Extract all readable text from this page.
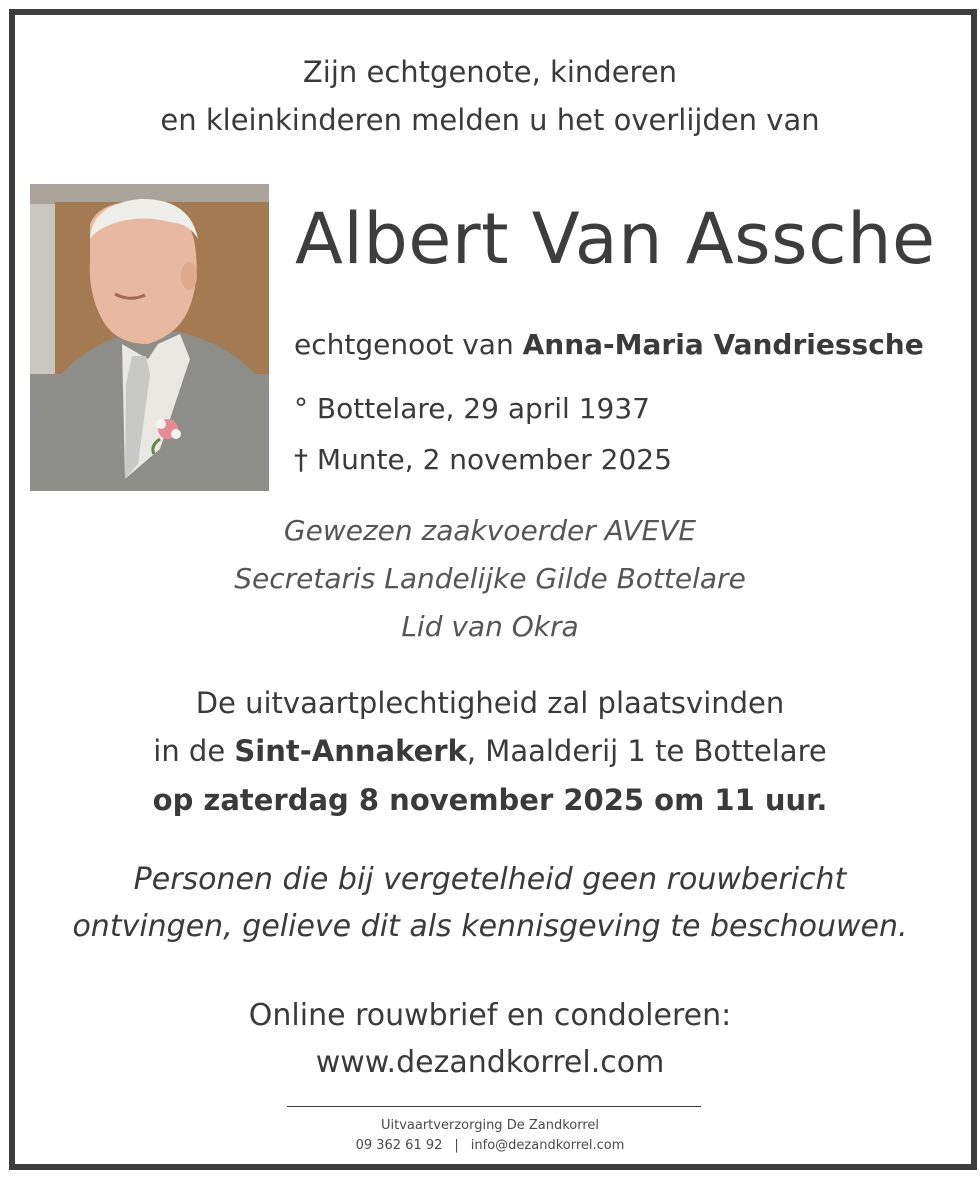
Zijn echtgenote, kinderen
en kleinkinderen melden u het overlijden van
Albert Van Assche
echtgenoot van Anna-Maria Vandriessche
° Bottelare, 29 april 1937
† Munte, 2 november 2025
Gewezen zaakvoerder AVEVE
Secretaris Landelijke Gilde Bottelare
Lid van Okra
De uitvaartplechtigheid zal plaatsvinden
in de Sint-Annakerk, Maalderij 1 te Bottelare
op zaterdag 8 november 2025 om 11 uur.
Personen die bij vergetelheid geen rouwbericht
ontvingen, gelieve dit als kennisgeving te beschouwen.
Online rouwbrief en condoleren:
www.dezandkorrel.com
Uitvaartverzorging De Zandkorrel
09 362 61 92 | info@dezandkorrel.com
